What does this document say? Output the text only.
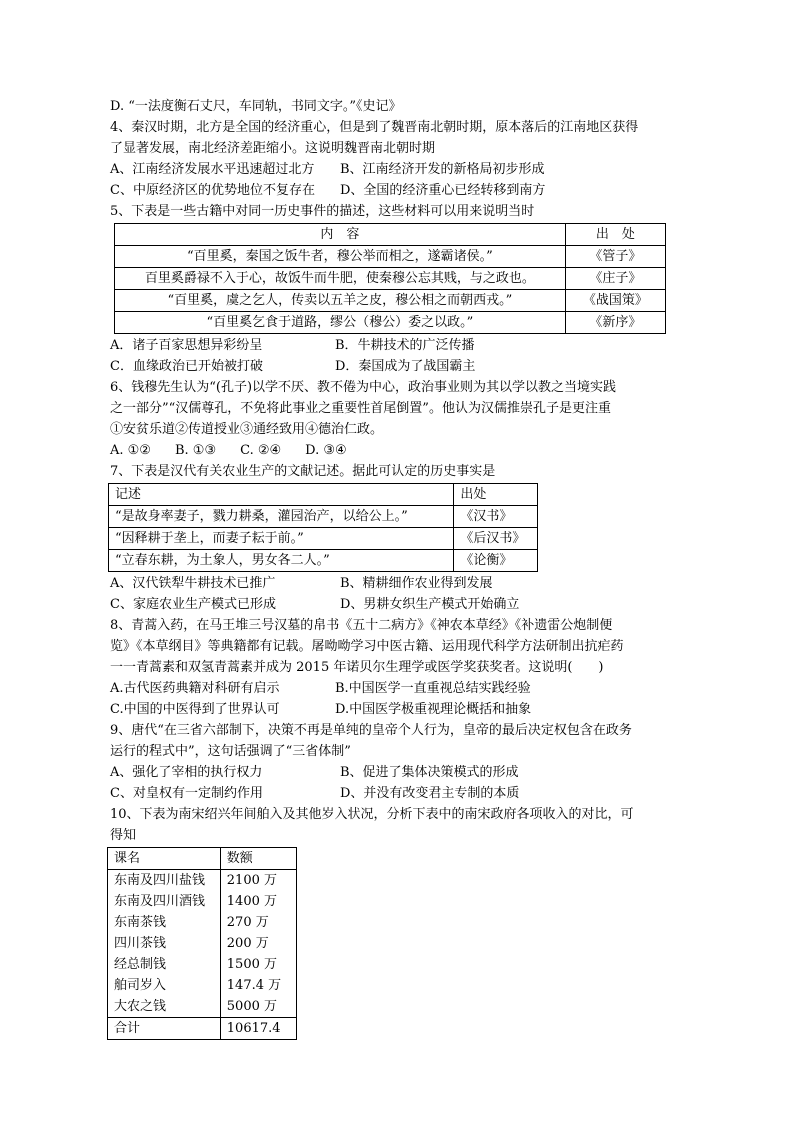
D. “一法度衡石丈尺，车同轨，书同文字。”《史记》
4、秦汉时期，北方是全国的经济重心，但是到了魏晋南北朝时期，原本落后的江南地区获得
了显著发展，南北经济差距缩小。这说明魏晋南北朝时期
A、江南经济发展水平迅速超过北方	B、江南经济开发的新格局初步形成
C、中原经济区的优势地位不复存在	D、全国的经济重心已经转移到南方
5、下表是一些古籍中对同一历史事件的描述，这些材料可以用来说明当时
内　容	出　处
“百里奚，秦国之饭牛者，穆公举而相之，遂霸诸侯。”	《管子》
百里奚爵禄不入于心，故饭牛而牛肥，使秦穆公忘其贱，与之政也。	《庄子》
“百里奚，虞之乞人，传卖以五羊之皮，穆公相之而朝西戎。”	《战国策》
“百里奚乞食于道路，缪公（穆公）委之以政。”	《新序》
A．诸子百家思想异彩纷呈	B．牛耕技术的广泛传播
C．血缘政治已开始被打破	D．秦国成为了战国霸主
6、钱穆先生认为“(孔子)以学不厌、教不倦为中心，政治事业则为其以学以教之当境实践
之一部分”“汉儒尊孔，不免将此事业之重要性首尾倒置”。他认为汉儒推崇孔子是更注重
①安贫乐道②传道授业③通经致用④德治仁政。
A. ①② B. ①③ C. ②④ D. ③④
7、下表是汉代有关农业生产的文献记述。据此可认定的历史事实是
记述	出处
“是故身率妻子，戮力耕桑，灌园治产，以给公上。”	《汉书》
“因释耕于垄上，而妻子耘于前。”	《后汉书》
“立春东耕，为土象人，男女各二人。”	《论衡》
A、汉代铁犁牛耕技术已推广	B、精耕细作农业得到发展
C、家庭农业生产模式已形成	D、男耕女织生产模式开始确立
8、青蒿入药，在马王堆三号汉墓的帛书《五十二病方》《神农本草经》《补遗雷公炮制便
览》《本草纲目》等典籍都有记载。屠呦呦学习中医古籍、运用现代科学方法研制出抗疟药
一一青蒿素和双氢青蒿素并成为 2015 年诺贝尔生理学或医学奖获奖者。这说明(　　)
A.古代医药典籍对科研有启示	B.中国医学一直重视总结实践经验
C.中国的中医得到了世界认可	D.中国医学极重视理论概括和抽象
9、唐代“在三省六部制下，决策不再是单纯的皇帝个人行为，皇帝的最后决定权包含在政务
运行的程式中”，这句话强调了“三省体制”
A、强化了宰相的执行权力	B、促进了集体决策模式的形成
C、对皇权有一定制约作用	D、并没有改变君主专制的本质
10、下表为南宋绍兴年间舶入及其他岁入状况，分析下表中的南宋政府各项收入的对比，可
得知
课名	数额
东南及四川盐钱	2100 万
东南及四川酒钱	1400 万
东南茶钱	270 万
四川茶钱	200 万
经总制钱	1500 万
舶司岁入	147.4 万
大农之钱	5000 万
合计	10617.4
